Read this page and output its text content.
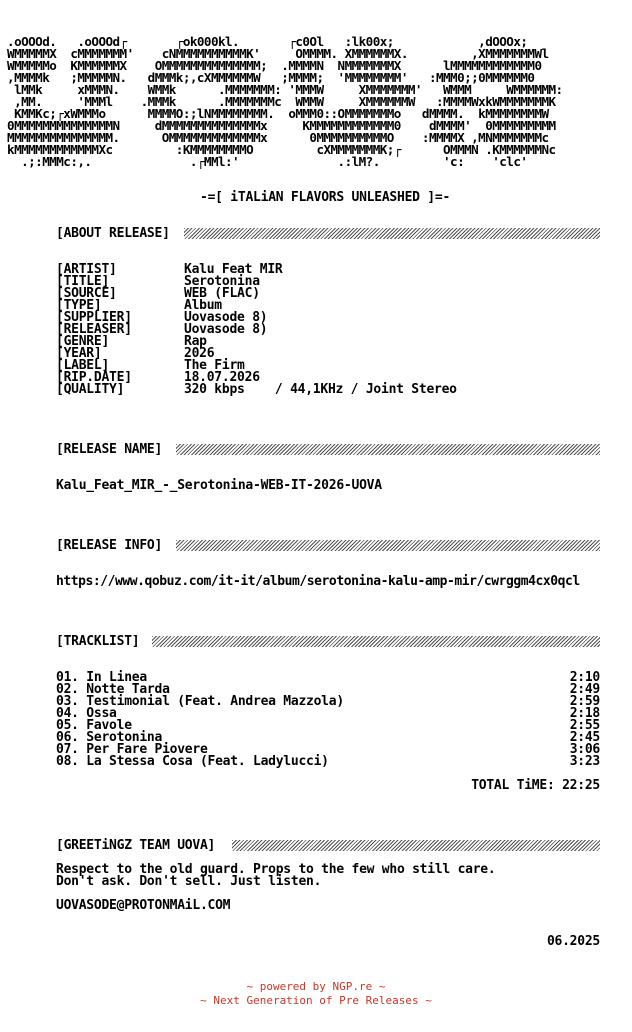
.oOOOd.   .oOOOd┌       ┌ok000kl.       ┌c0Ol   :lk00x;            ,dOOOx;
WMMMMMX  cMMMMMMM'    cNMMMMMMMMMMK'     OMMMM. XMMMMMMX.         ,XMMMMMMMWl
WMMMMMo  KMMMMMMX    OMMMMMMMMMMMMMM;  .MMMMN  NMMMMMMMX      lMMMMMMMMMMMM0
,MMMMk   ;MMMMMN.   dMMMk;,cXMMMMMMW   ;MMMM;  'MMMMMMMM'   :MMM0;;0MMMMMM0
lMMk     xMMMN.    WMMk      .MMMMMMM: 'MMMW     XMMMMMMM'   WMMM     WMMMMMM:
,MM.     'MMMl    .MMMk      .MMMMMMMc  WMMW     XMMMMMMW   :MMMMWxkWMMMMMMMK
KMMKc;┌xWMMMo      MMMMO:;lNMMMMMMMM.  oMMM0::OMMMMMMMo   dMMMM.  kMMMMMMMMW
0MMMMMMMMMMMMMMN     dMMMMMMMMMMMMMMx     KMMMMMMMMMMMM0    dMMMM'  0MMMMMMMMM
MMMMMMMMMMMMMMM.      OMMMMMMMMMMMMMx      0MMMMMMMMMMO    :MMMMX ,MNMMMMMMMc
kMMMMMMMMMMMMXc         :KMMMMMMMMO         cXMMMMMMMK;┌      OMMMN .KMMMMMMNc
.;:MMMc:,.              .┌MMl:'              .:lM?.         'c:    'clc'
-=[ iTALiAN FLAVORS UNLEASHED ]=-
[ABOUT RELEASE]
[ARTIST]	Kalu Feat MIR
[TITLE]	Serotonina
[SOURCE]	WEB (FLAC)
[TYPE]	Album
[SUPPLIER]	Uovasode 8)
[RELEASER]	Uovasode 8)
[GENRE]	Rap
[YEAR]	2026
[LABEL]	The Firm
[RIP.DATE]	18.07.2026
[QUALITY]	320 kbps    / 44,1KHz / Joint Stereo
[RELEASE NAME]
Kalu_Feat_MIR_-_Serotonina-WEB-IT-2026-UOVA
[RELEASE INFO]
https://www.qobuz.com/it-it/album/serotonina-kalu-amp-mir/cwrggm4cx0qcl
[TRACKLIST]
01. In Linea	2:10
02. Notte Tarda	2:49
03. Testimonial (Feat. Andrea Mazzola)	2:59
04. Ossa	2:18
05. Favole	2:55
06. Serotonina	2:45
07. Per Fare Piovere	3:06
08. La Stessa Cosa (Feat. Ladylucci)	3:23
TOTAL TiME: 22:25
[GREETiNGZ TEAM UOVA]
Respect to the old guard. Props to the few who still care.
Don't ask. Don't sell. Just listen.
UOVASODE@PROTONMAiL.COM
06.2025
~ powered by NGP.re ~
~ Next Generation of Pre Releases ~
